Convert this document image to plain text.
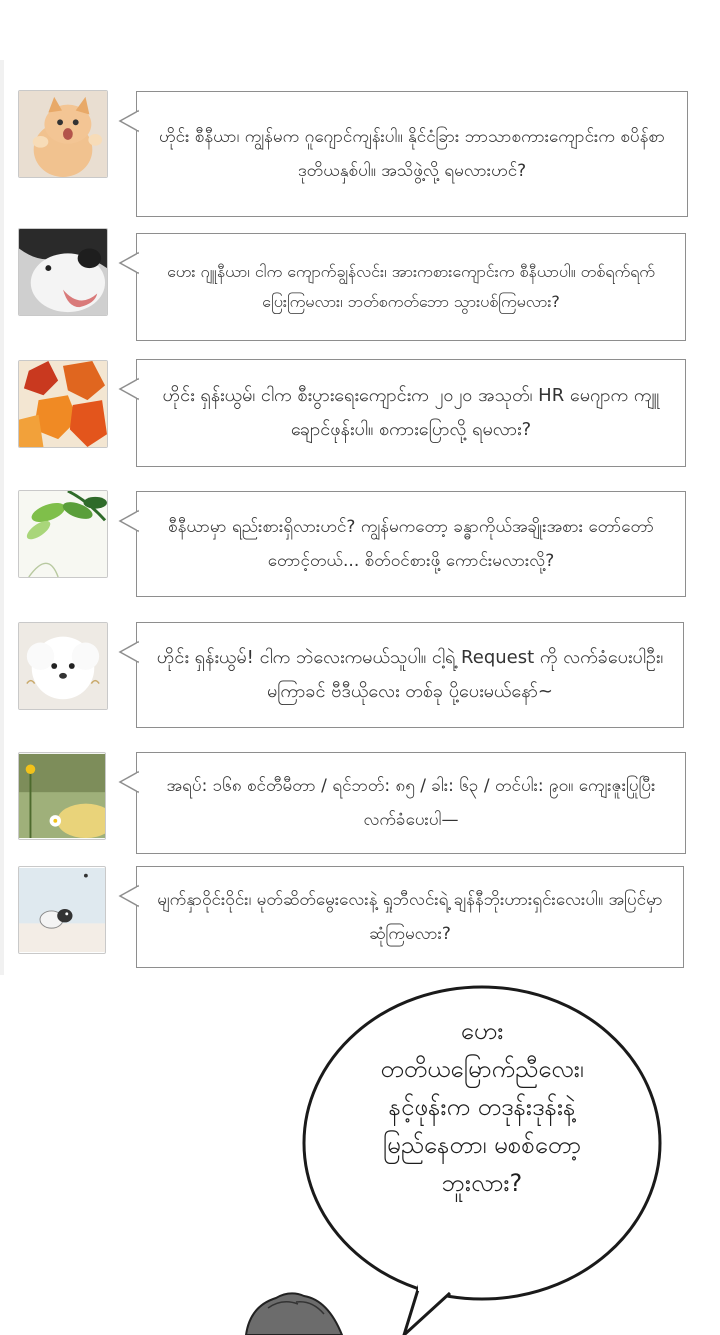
ဟိုင်း စီနီယာ၊ ကျွန်မက ဂူဂျောင်ကျန်းပါ။ နိုင်ငံခြား ဘာသာစကားကျောင်းက စပိန်စာ ဒုတိယနှစ်ပါ။ အသိဖွဲ့လို့ ရမလားဟင်?
ဟေး ဂျူနီယာ၊ ငါက ကျောက်ချွန်လင်း၊ အားကစားကျောင်းက စီနီယာပါ။ တစ်ရက်ရက် ပြေးကြမလား၊ ဘတ်စကတ်ဘော သွားပစ်ကြမလား?
ဟိုင်း ရှန်းယွမ်၊ ငါက စီးပွားရေးကျောင်းက ၂၀၂၀ အသုတ်၊ HR မေဂျာက ကျူချောင်ဖုန်းပါ။ စကားပြောလို့ ရမလား?
စီနီယာမှာ ရည်းစားရှိလားဟင်? ကျွန်မကတော့ ခန္ဓာကိုယ်အချိုးအစား တော်တော်တောင့်တယ်... စိတ်ဝင်စားဖို့ ကောင်းမလားလို့?
ဟိုင်း ရှန်းယွမ်! ငါက ဘဲလေးကမယ်သူပါ။ ငါ့ရဲ့ Request ကို လက်ခံပေးပါဦး၊ မကြာခင် ဗီဒီယိုလေး တစ်ခု ပို့ပေးမယ်နော်~
အရပ်: ၁၆၈ စင်တီမီတာ / ရင်ဘတ်: ၈၅ / ခါး: ၆၃ / တင်ပါး: ၉၀။ ကျေးဇူးပြုပြီး လက်ခံပေးပါ—
မျက်နှာဝိုင်းဝိုင်း၊ မုတ်ဆိတ်မွေးလေးနဲ့ ရှုဘီလင်းရဲ့ ချန်နီဘိုးဟားရှင်းလေးပါ။ အပြင်မှာ ဆုံကြမလား?
ဟေး
တတိယမြောက်ညီလေး၊
နင့်ဖုန်းက တဒုန်းဒုန်းနဲ့
မြည်နေတာ၊ မစစ်တော့
ဘူးလား?
